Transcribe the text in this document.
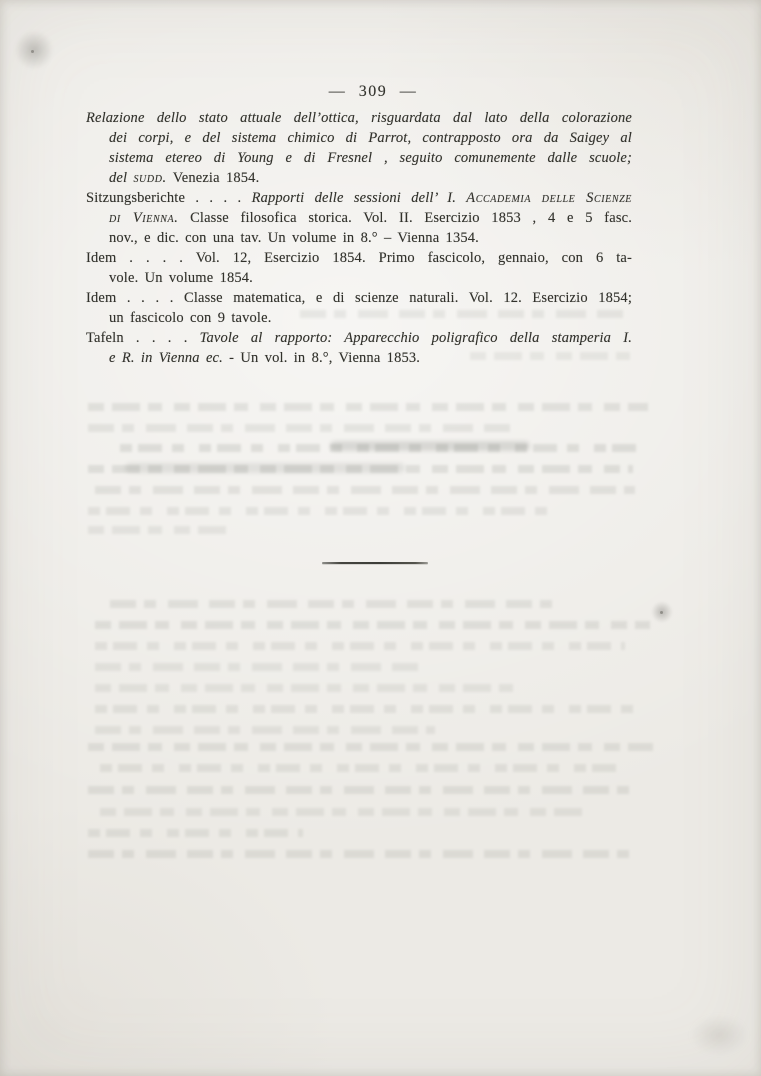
— 309 —
Relazione dello stato attuale dell’ottica, risguardata dal lato della colorazione
dei corpi, e del sistema chimico di Parrot, contrapposto ora da Saigey al
sistema etereo di Young e di Fresnel , seguito comunemente dalle scuole;
del sudd. Venezia 1854.
Sitzungsberichte . . . . Rapporti delle sessioni dell’ I. Accademia delle Scienze
di Vienna. Classe filosofica storica. Vol. II. Esercizio 1853 , 4 e 5 fasc.
nov., e dic. con una tav. Un volume in 8.° – Vienna 1354.
Idem . . . . Vol. 12, Esercizio 1854. Primo fascicolo, gennaio, con 6 ta-
vole. Un volume 1854.
Idem . . . . Classe matematica, e di scienze naturali. Vol. 12. Esercizio 1854;
un fascicolo con 9 tavole.
Tafeln . . . . Tavole al rapporto: Apparecchio poligrafico della stamperia I.
e R. in Vienna ec. - Un vol. in 8.°, Vienna 1853.
